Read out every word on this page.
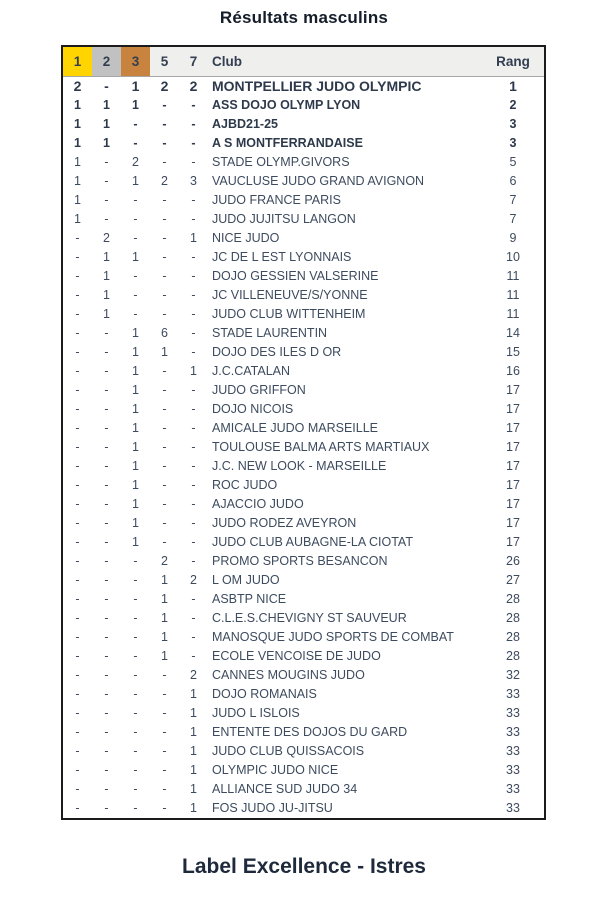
Résultats masculins
1	2	3	5	7	Club	Rang
2	-	1	2	2	MONTPELLIER JUDO OLYMPIC	1
1	1	1	-	-	ASS DOJO OLYMP LYON	2
1	1	-	-	-	AJBD21-25	3
1	1	-	-	-	A S MONTFERRANDAISE	3
1	-	2	-	-	STADE OLYMP.GIVORS	5
1	-	1	2	3	VAUCLUSE JUDO GRAND AVIGNON	6
1	-	-	-	-	JUDO FRANCE PARIS	7
1	-	-	-	-	JUDO JUJITSU LANGON	7
-	2	-	-	1	NICE JUDO	9
-	1	1	-	-	JC DE L EST LYONNAIS	10
-	1	-	-	-	DOJO GESSIEN VALSERINE	11
-	1	-	-	-	JC VILLENEUVE/S/YONNE	11
-	1	-	-	-	JUDO CLUB WITTENHEIM	11
-	-	1	6	-	STADE LAURENTIN	14
-	-	1	1	-	DOJO DES ILES D OR	15
-	-	1	-	1	J.C.CATALAN	16
-	-	1	-	-	JUDO GRIFFON	17
-	-	1	-	-	DOJO NICOIS	17
-	-	1	-	-	AMICALE JUDO MARSEILLE	17
-	-	1	-	-	TOULOUSE BALMA ARTS MARTIAUX	17
-	-	1	-	-	J.C. NEW LOOK - MARSEILLE	17
-	-	1	-	-	ROC JUDO	17
-	-	1	-	-	AJACCIO JUDO	17
-	-	1	-	-	JUDO RODEZ AVEYRON	17
-	-	1	-	-	JUDO CLUB AUBAGNE-LA CIOTAT	17
-	-	-	2	-	PROMO SPORTS BESANCON	26
-	-	-	1	2	L OM JUDO	27
-	-	-	1	-	ASBTP NICE	28
-	-	-	1	-	C.L.E.S.CHEVIGNY ST SAUVEUR	28
-	-	-	1	-	MANOSQUE JUDO SPORTS DE COMBAT	28
-	-	-	1	-	ECOLE VENCOISE DE JUDO	28
-	-	-	-	2	CANNES MOUGINS JUDO	32
-	-	-	-	1	DOJO ROMANAIS	33
-	-	-	-	1	JUDO L ISLOIS	33
-	-	-	-	1	ENTENTE DES DOJOS DU GARD	33
-	-	-	-	1	JUDO CLUB QUISSACOIS	33
-	-	-	-	1	OLYMPIC JUDO NICE	33
-	-	-	-	1	ALLIANCE SUD JUDO 34	33
-	-	-	-	1	FOS JUDO JU-JITSU	33
Label Excellence - Istres
